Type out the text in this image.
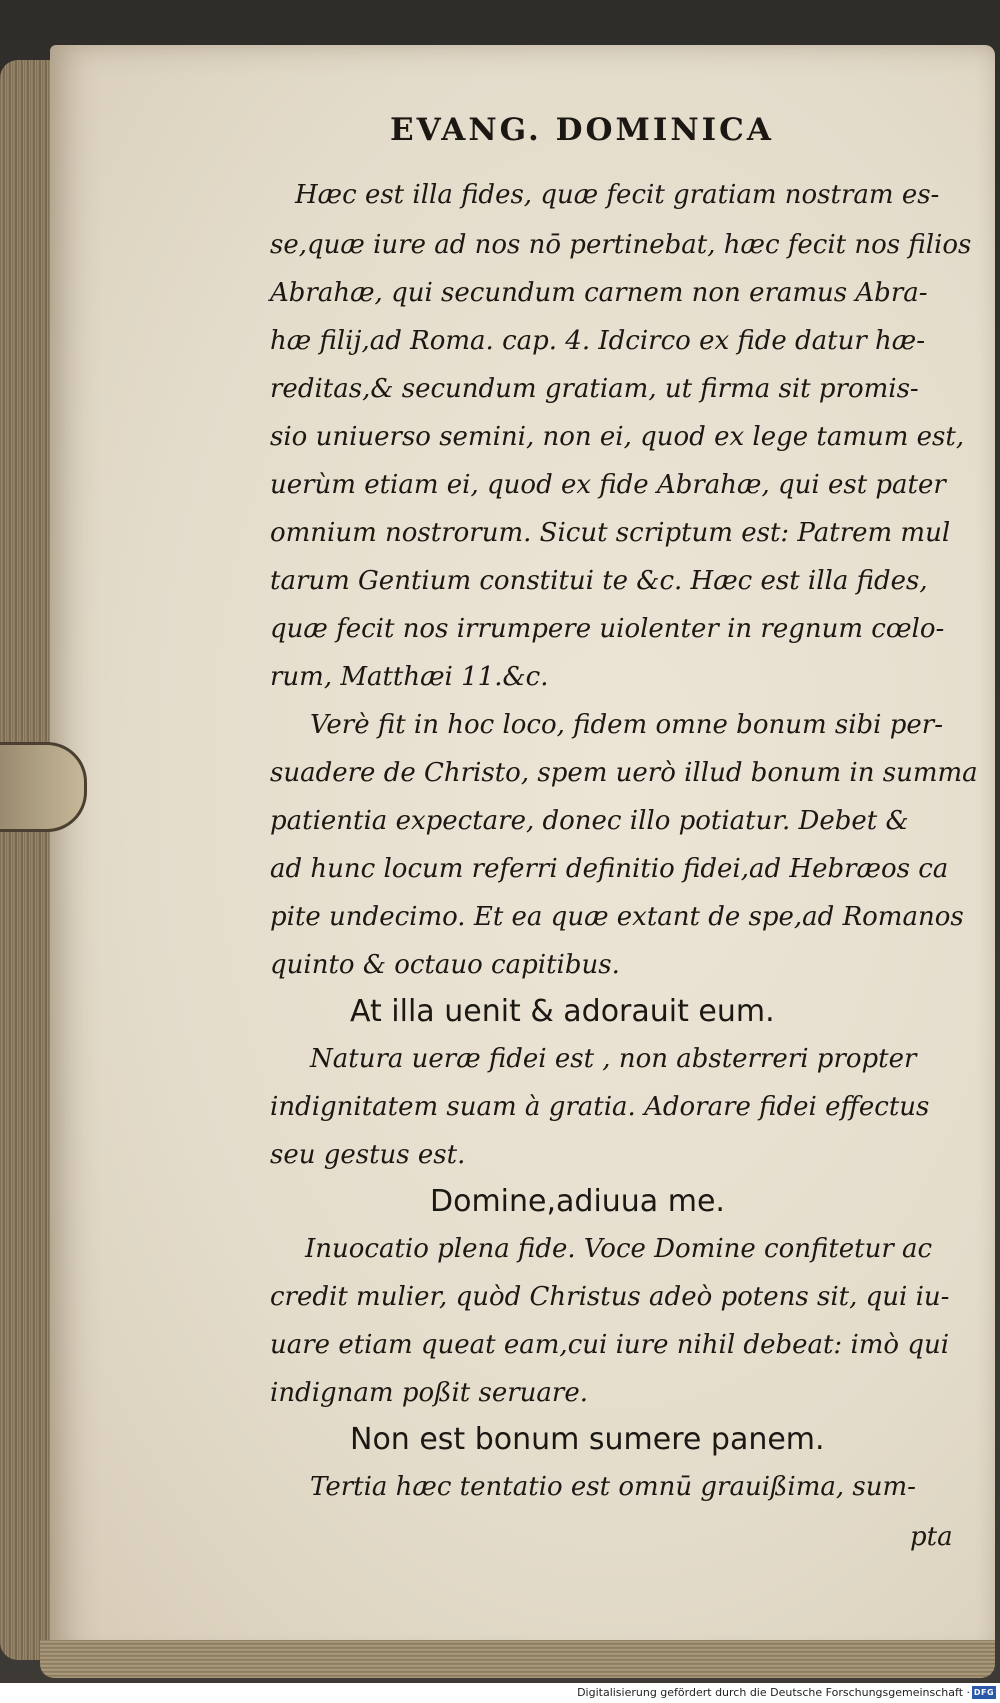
EVANG. DOMINICA
Hæc est illa fides, quæ fecit gratiam nostram es-
se,quæ iure ad nos nō pertinebat, hæc fecit nos filios
Abrahæ, qui secundum carnem non eramus Abra-
hæ filij,ad Roma. cap. 4. Idcirco ex fide datur hæ-
reditas,& secundum gratiam, ut firma sit promis-
sio uniuerso semini, non ei, quod ex lege tamum est,
uerùm etiam ei, quod ex fide Abrahæ, qui est pater
omnium nostrorum. Sicut scriptum est: Patrem mul
tarum Gentium constitui te &c. Hæc est illa fides,
quæ fecit nos irrumpere uiolenter in regnum cœlo-
rum, Matthæi 11.&c.
Verè fit in hoc loco, fidem omne bonum sibi per-
suadere de Christo, spem uerò illud bonum in summa
patientia expectare, donec illo potiatur. Debet &
ad hunc locum referri definitio fidei,ad Hebræos ca
pite undecimo. Et ea quæ extant de spe,ad Romanos
quinto & octauo capitibus.
At illa uenit & adorauit eum.
Natura ueræ fidei est , non absterreri propter
indignitatem suam à gratia. Adorare fidei effectus
seu gestus est.
Domine,adiuua me.
Inuocatio plena fide. Voce Domine confitetur ac
credit mulier, quòd Christus adeò potens sit, qui iu-
uare etiam queat eam,cui iure nihil debeat: imò qui
indignam poßit seruare.
Non est bonum sumere panem.
Tertia hæc tentatio est omnū grauißima, sum-
pta
Digitalisierung gefördert durch die Deutsche Forschungsgemeinschaft · DFG
